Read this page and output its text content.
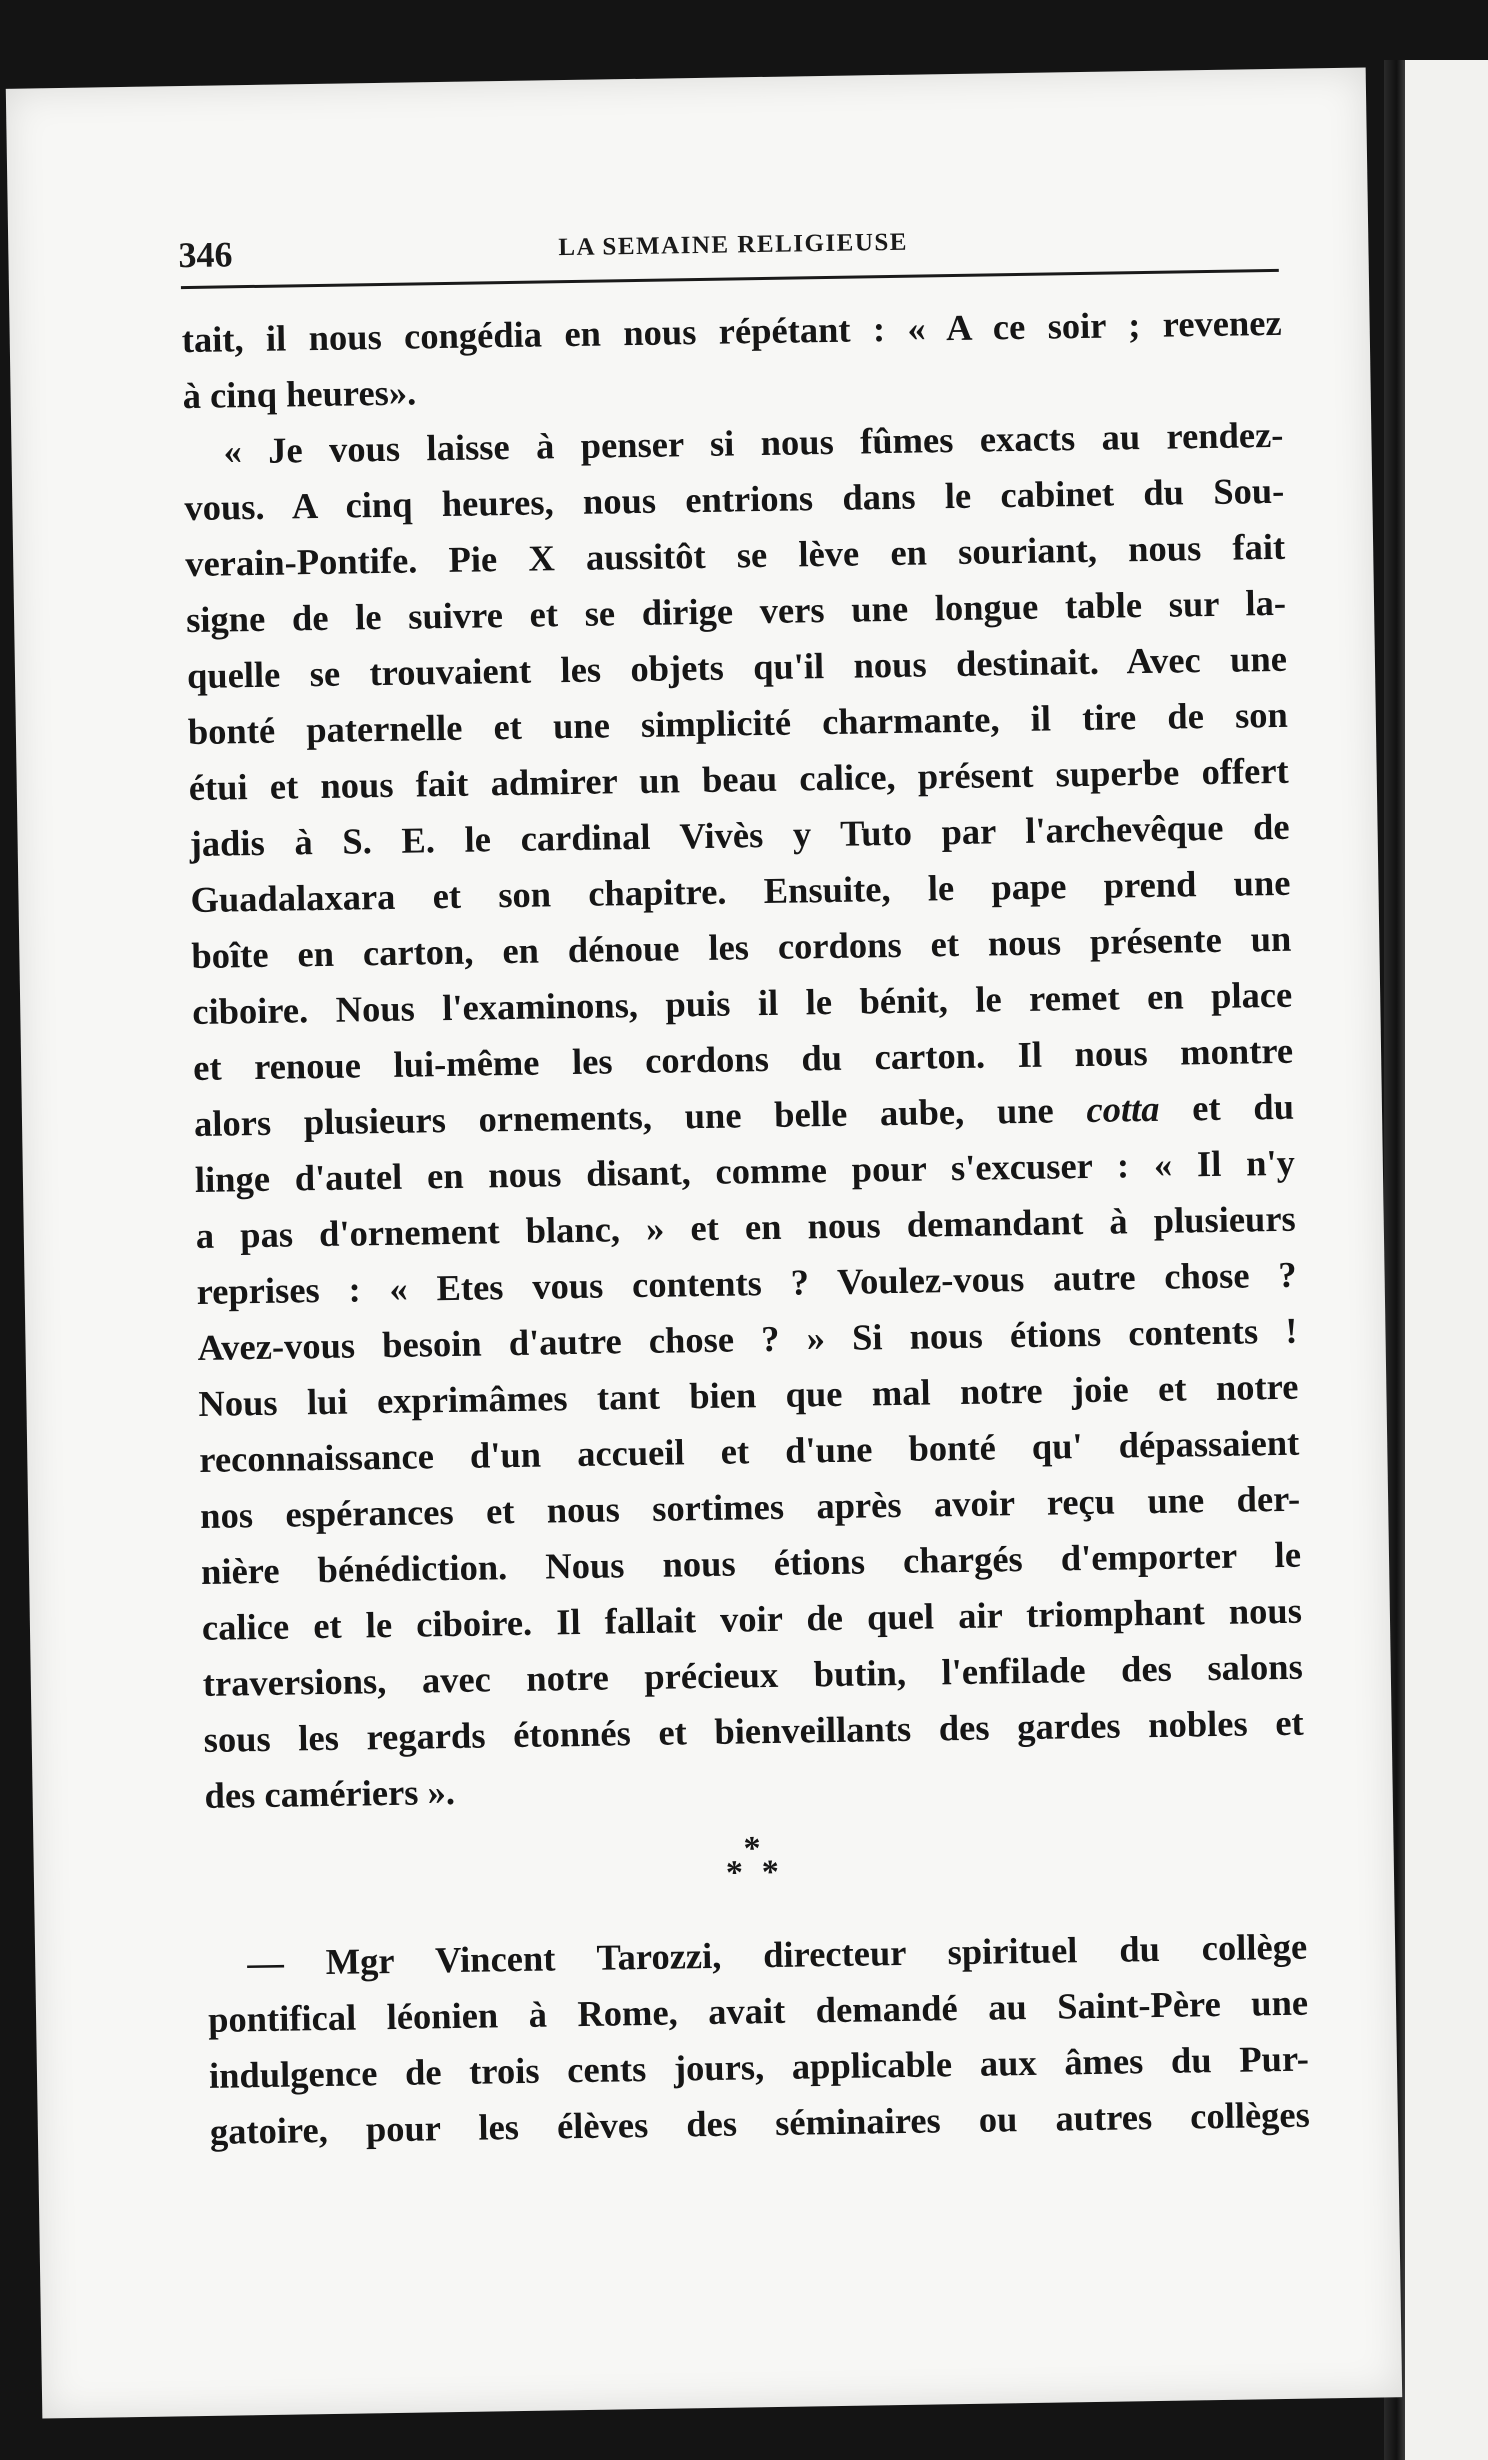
346	LA SEMAINE RELIGIEUSE

tait, il nous congédia en nous répétant : « A ce soir ; revenez
à cinq heures».

« Je vous laisse à penser si nous fûmes exacts au rendez-
vous. A cinq heures, nous entrions dans le cabinet du Sou-
verain-Pontife. Pie X aussitôt se lève en souriant, nous fait
signe de le suivre et se dirige vers une longue table sur la-
quelle se trouvaient les objets qu'il nous destinait. Avec une
bonté paternelle et une simplicité charmante, il tire de son
étui et nous fait admirer un beau calice, présent superbe offert
jadis à S. E. le cardinal Vivès y Tuto par l'archevêque de
Guadalaxara et son chapitre. Ensuite, le pape prend une
boîte en carton, en dénoue les cordons et nous présente un
ciboire. Nous l'examinons, puis il le bénit, le remet en place
et renoue lui-même les cordons du carton. Il nous montre
alors plusieurs ornements, une belle aube, une cotta et du
linge d'autel en nous disant, comme pour s'excuser : « Il n'y
a pas d'ornement blanc, » et en nous demandant à plusieurs
reprises : « Etes vous contents ? Voulez-vous autre chose ?
Avez-vous besoin d'autre chose ? » Si nous étions contents !
Nous lui exprimâmes tant bien que mal notre joie et notre
reconnaissance d'un accueil et d'une bonté qu' dépassaient
nos espérances et nous sortimes après avoir reçu une der-
nière bénédiction. Nous nous étions chargés d'emporter le
calice et le ciboire. Il fallait voir de quel air triomphant nous
traversions, avec notre précieux butin, l'enfilade des salons
sous les regards étonnés et bienveillants des gardes nobles et
des camériers ».

*
* *

— Mgr Vincent Tarozzi, directeur spirituel du collège
pontifical léonien à Rome, avait demandé au Saint-Père une
indulgence de trois cents jours, applicable aux âmes du Pur-
gatoire, pour les élèves des séminaires ou autres collèges
